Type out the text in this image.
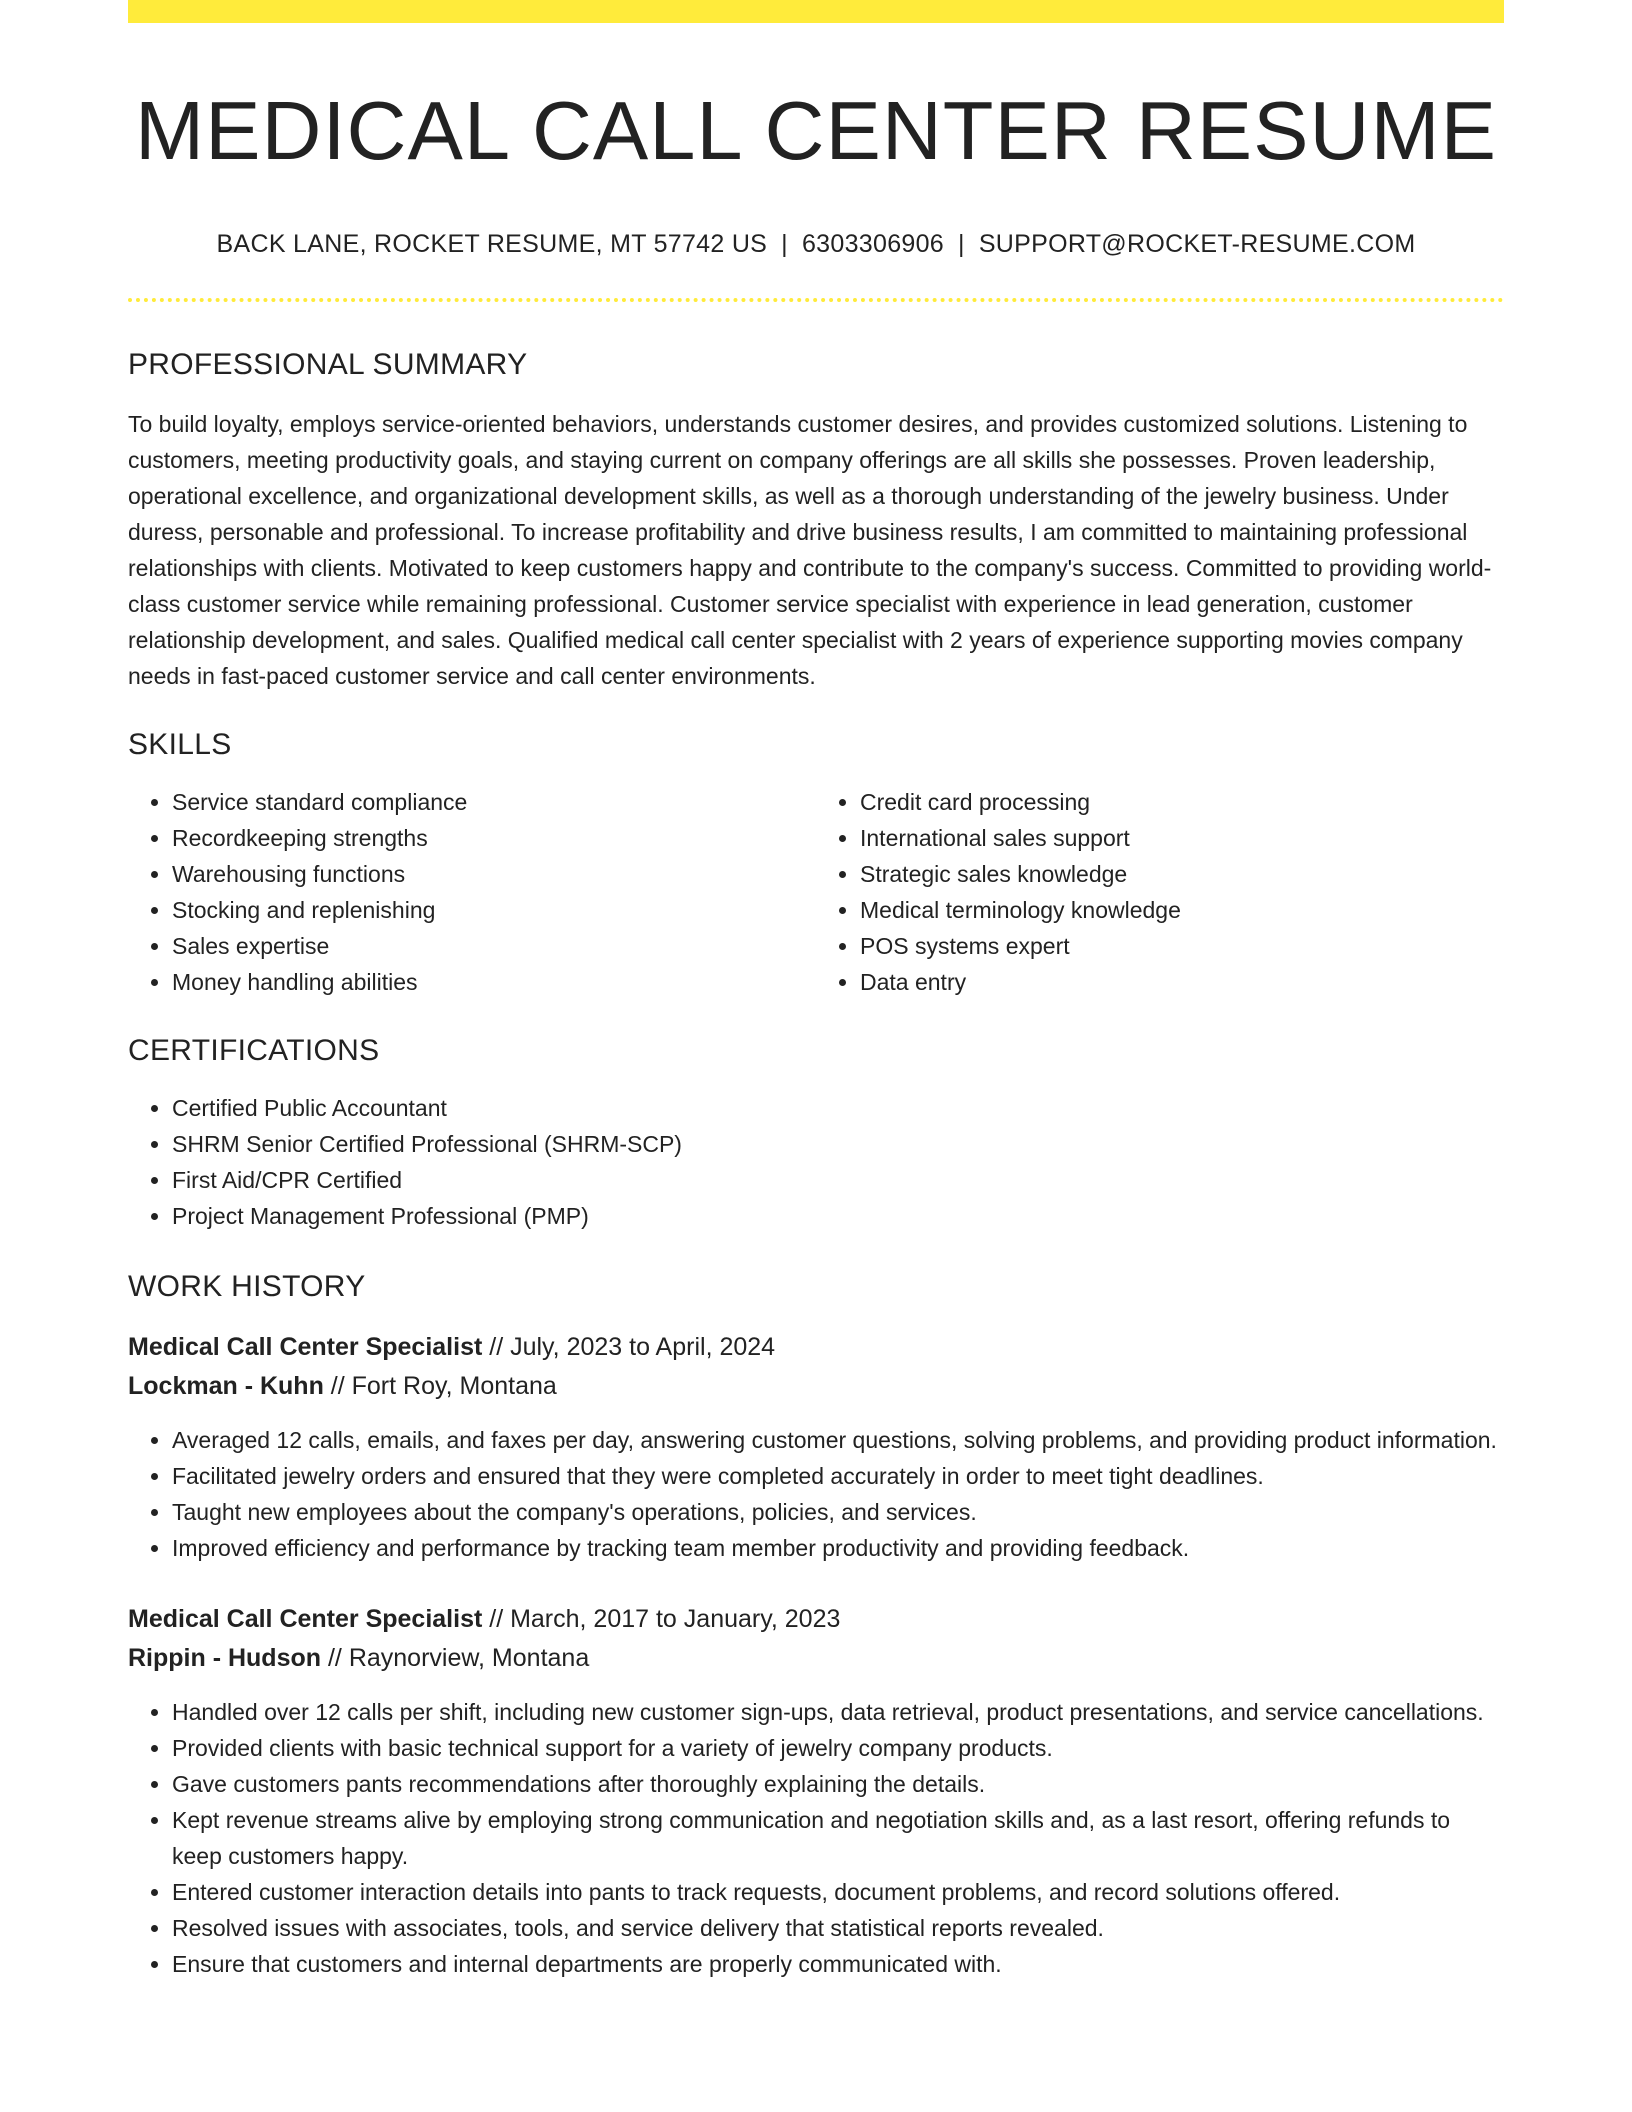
MEDICAL CALL CENTER RESUME
BACK LANE, ROCKET RESUME, MT 57742 US | 6303306906 | SUPPORT@ROCKET-RESUME.COM
PROFESSIONAL SUMMARY
To build loyalty, employs service-oriented behaviors, understands customer desires, and provides customized solutions. Listening to customers, meeting productivity goals, and staying current on company offerings are all skills she possesses. Proven leadership, operational excellence, and organizational development skills, as well as a thorough understanding of the jewelry business. Under duress, personable and professional. To increase profitability and drive business results, I am committed to maintaining professional relationships with clients. Motivated to keep customers happy and contribute to the company's success. Committed to providing world-class customer service while remaining professional. Customer service specialist with experience in lead generation, customer relationship development, and sales. Qualified medical call center specialist with 2 years of experience supporting movies company needs in fast-paced customer service and call center environments.
SKILLS
• Service standard compliance
• Recordkeeping strengths
• Warehousing functions
• Stocking and replenishing
• Sales expertise
• Money handling abilities
• Credit card processing
• International sales support
• Strategic sales knowledge
• Medical terminology knowledge
• POS systems expert
• Data entry
CERTIFICATIONS
• Certified Public Accountant
• SHRM Senior Certified Professional (SHRM-SCP)
• First Aid/CPR Certified
• Project Management Professional (PMP)
WORK HISTORY
Medical Call Center Specialist // July, 2023 to April, 2024
Lockman - Kuhn // Fort Roy, Montana
• Averaged 12 calls, emails, and faxes per day, answering customer questions, solving problems, and providing product information.
• Facilitated jewelry orders and ensured that they were completed accurately in order to meet tight deadlines.
• Taught new employees about the company's operations, policies, and services.
• Improved efficiency and performance by tracking team member productivity and providing feedback.
Medical Call Center Specialist // March, 2017 to January, 2023
Rippin - Hudson // Raynorview, Montana
• Handled over 12 calls per shift, including new customer sign-ups, data retrieval, product presentations, and service cancellations.
• Provided clients with basic technical support for a variety of jewelry company products.
• Gave customers pants recommendations after thoroughly explaining the details.
• Kept revenue streams alive by employing strong communication and negotiation skills and, as a last resort, offering refunds to keep customers happy.
• Entered customer interaction details into pants to track requests, document problems, and record solutions offered.
• Resolved issues with associates, tools, and service delivery that statistical reports revealed.
• Ensure that customers and internal departments are properly communicated with.
